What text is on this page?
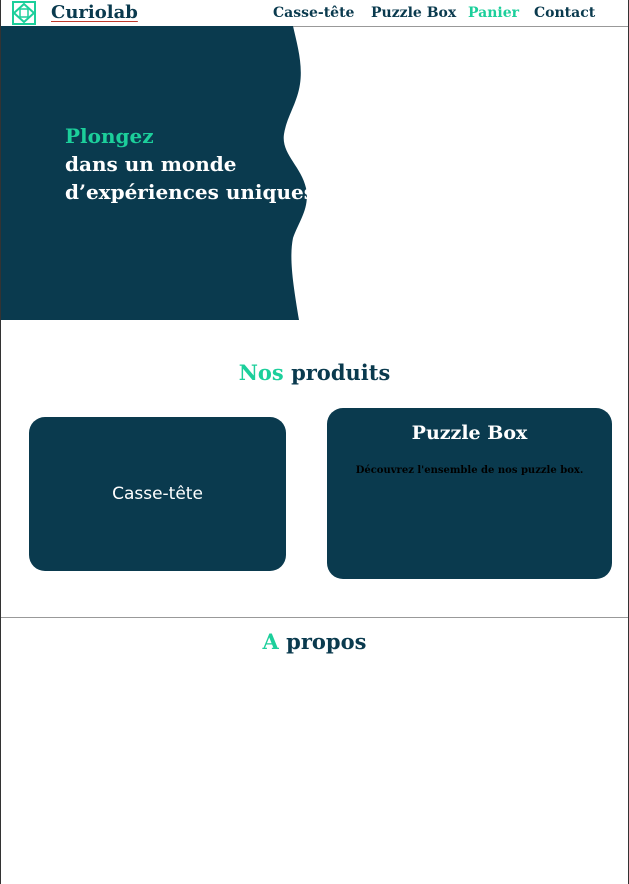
Curiolab	Casse-tête Puzzle Box Panier Contact
Plongez
dans un monde
d’expériences uniques
Nos produits
Casse-tête
Puzzle Box
Découvrez l'ensemble de nos puzzle box.
A propos
